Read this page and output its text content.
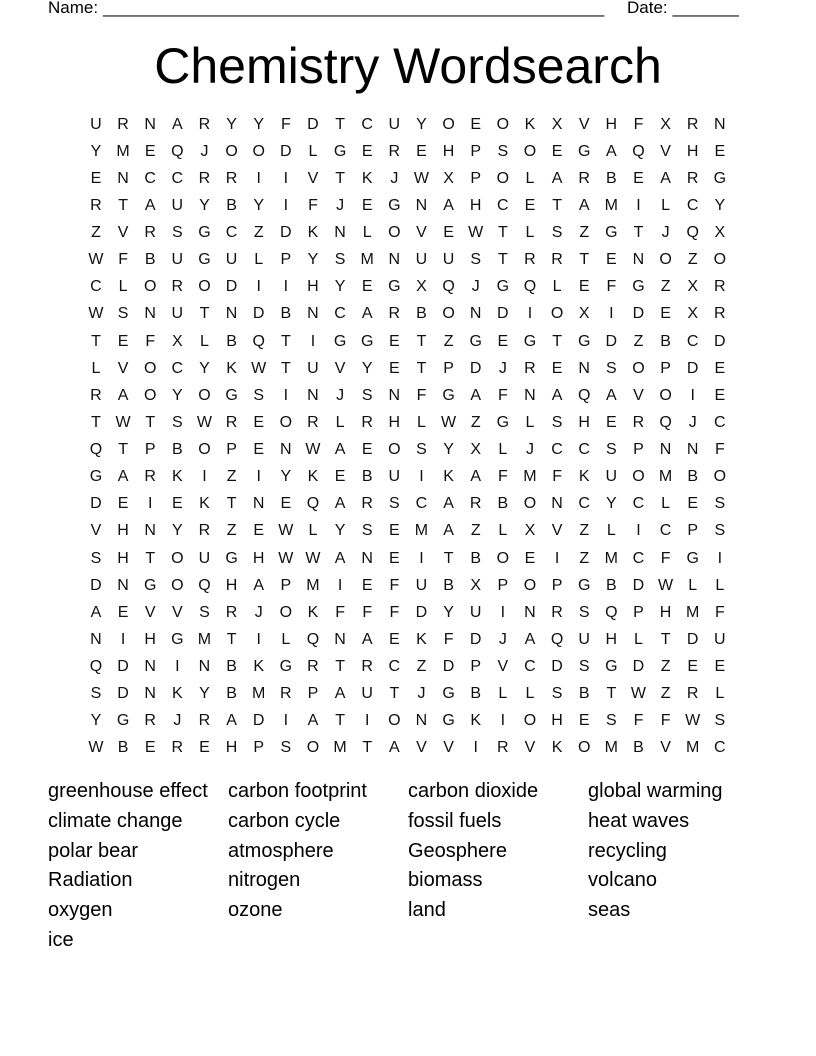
Name: _____________________________________________________ Date: _______
Chemistry Wordsearch
U R N	A	R	Y	Y	F	D	T	C U	Y O E O K	X	V	H	F	X	R N
Y M E Q	J	O O D	L	G E	R	E	H	P	S O E G A Q V	H	E
E	N C C R R	I	I	V	T	K	J W X	P O	L	A	R	B	E	A	R G
R	T	A	U	Y	B	Y	I	F	J	E G N	A	H C	E	T	A M	I	L	C	Y
Z	V	R	S G C	Z	D	K	N	L	O V	E W T	L	S	Z	G	T	J	Q X
W F	B	U G U	L	P	Y	S M N U U	S	T	R R	T	E	N O	Z	O
C	L	O R O D	I	I	H	Y	E G X Q	J	G Q	L	E	F	G	Z	X	R
W S	N U	T	N D	B	N C	A	R	B O N D	I	O X	I	D	E	X	R
T	E	F	X	L	B Q	T	I	G G E	T	Z	G E G	T	G D	Z	B	C D
L	V O C	Y	K W T	U	V	Y	E	T	P	D	J	R	E	N	S O P	D	E
R	A O Y O G S	I	N	J	S	N	F	G A	F	N	A Q A	V O	I	E
T W T	S W R	E O R	L	R H	L W Z	G	L	S	H	E	R Q	J	C
Q	T	P	B O P	E	N W A	E O S	Y	X	L	J	C C	S	P	N N	F
G A	R	K	I	Z	I	Y	K	E	B	U	I	K	A	F M F	K	U O M B O
D	E	I	E	K	T	N	E Q A	R	S	C	A	R	B O N C	Y	C	L	E	S
V	H N	Y	R	Z	E W L	Y	S	E M A	Z	L	X	V	Z	L	I	C	P	S
S	H	T	O U G H W W A	N	E	I	T	B O E	I	Z M C	F	G	I
D N G O Q H	A	P M	I	E	F	U	B	X	P O P G B	D W L	L
A	E	V	V	S	R	J	O K	F	F	F	D	Y	U	I	N R	S Q P	H M F
N	I	H G M T	I	L	Q N	A	E	K	F	D	J	A Q U H	L	T	D U
Q D N	I	N	B	K G R	T	R C	Z	D	P	V	C D	S G D	Z	E	E
S	D N	K	Y	B M R	P	A	U	T	J	G B	L	L	S	B	T W Z	R	L
Y G R	J	R	A	D	I	A	T	I	O N G K	I	O H	E	S	F	F W S
W B	E	R	E	H	P	S O M T	A	V	V	I	R	V	K O M B	V M C
greenhouse effect	carbon footprint	carbon dioxide	global warming
climate change	carbon cycle	fossil fuels	heat waves
polar bear	atmosphere	Geosphere	recycling
Radiation	nitrogen	biomass	volcano
oxygen	ozone	land	seas
ice
